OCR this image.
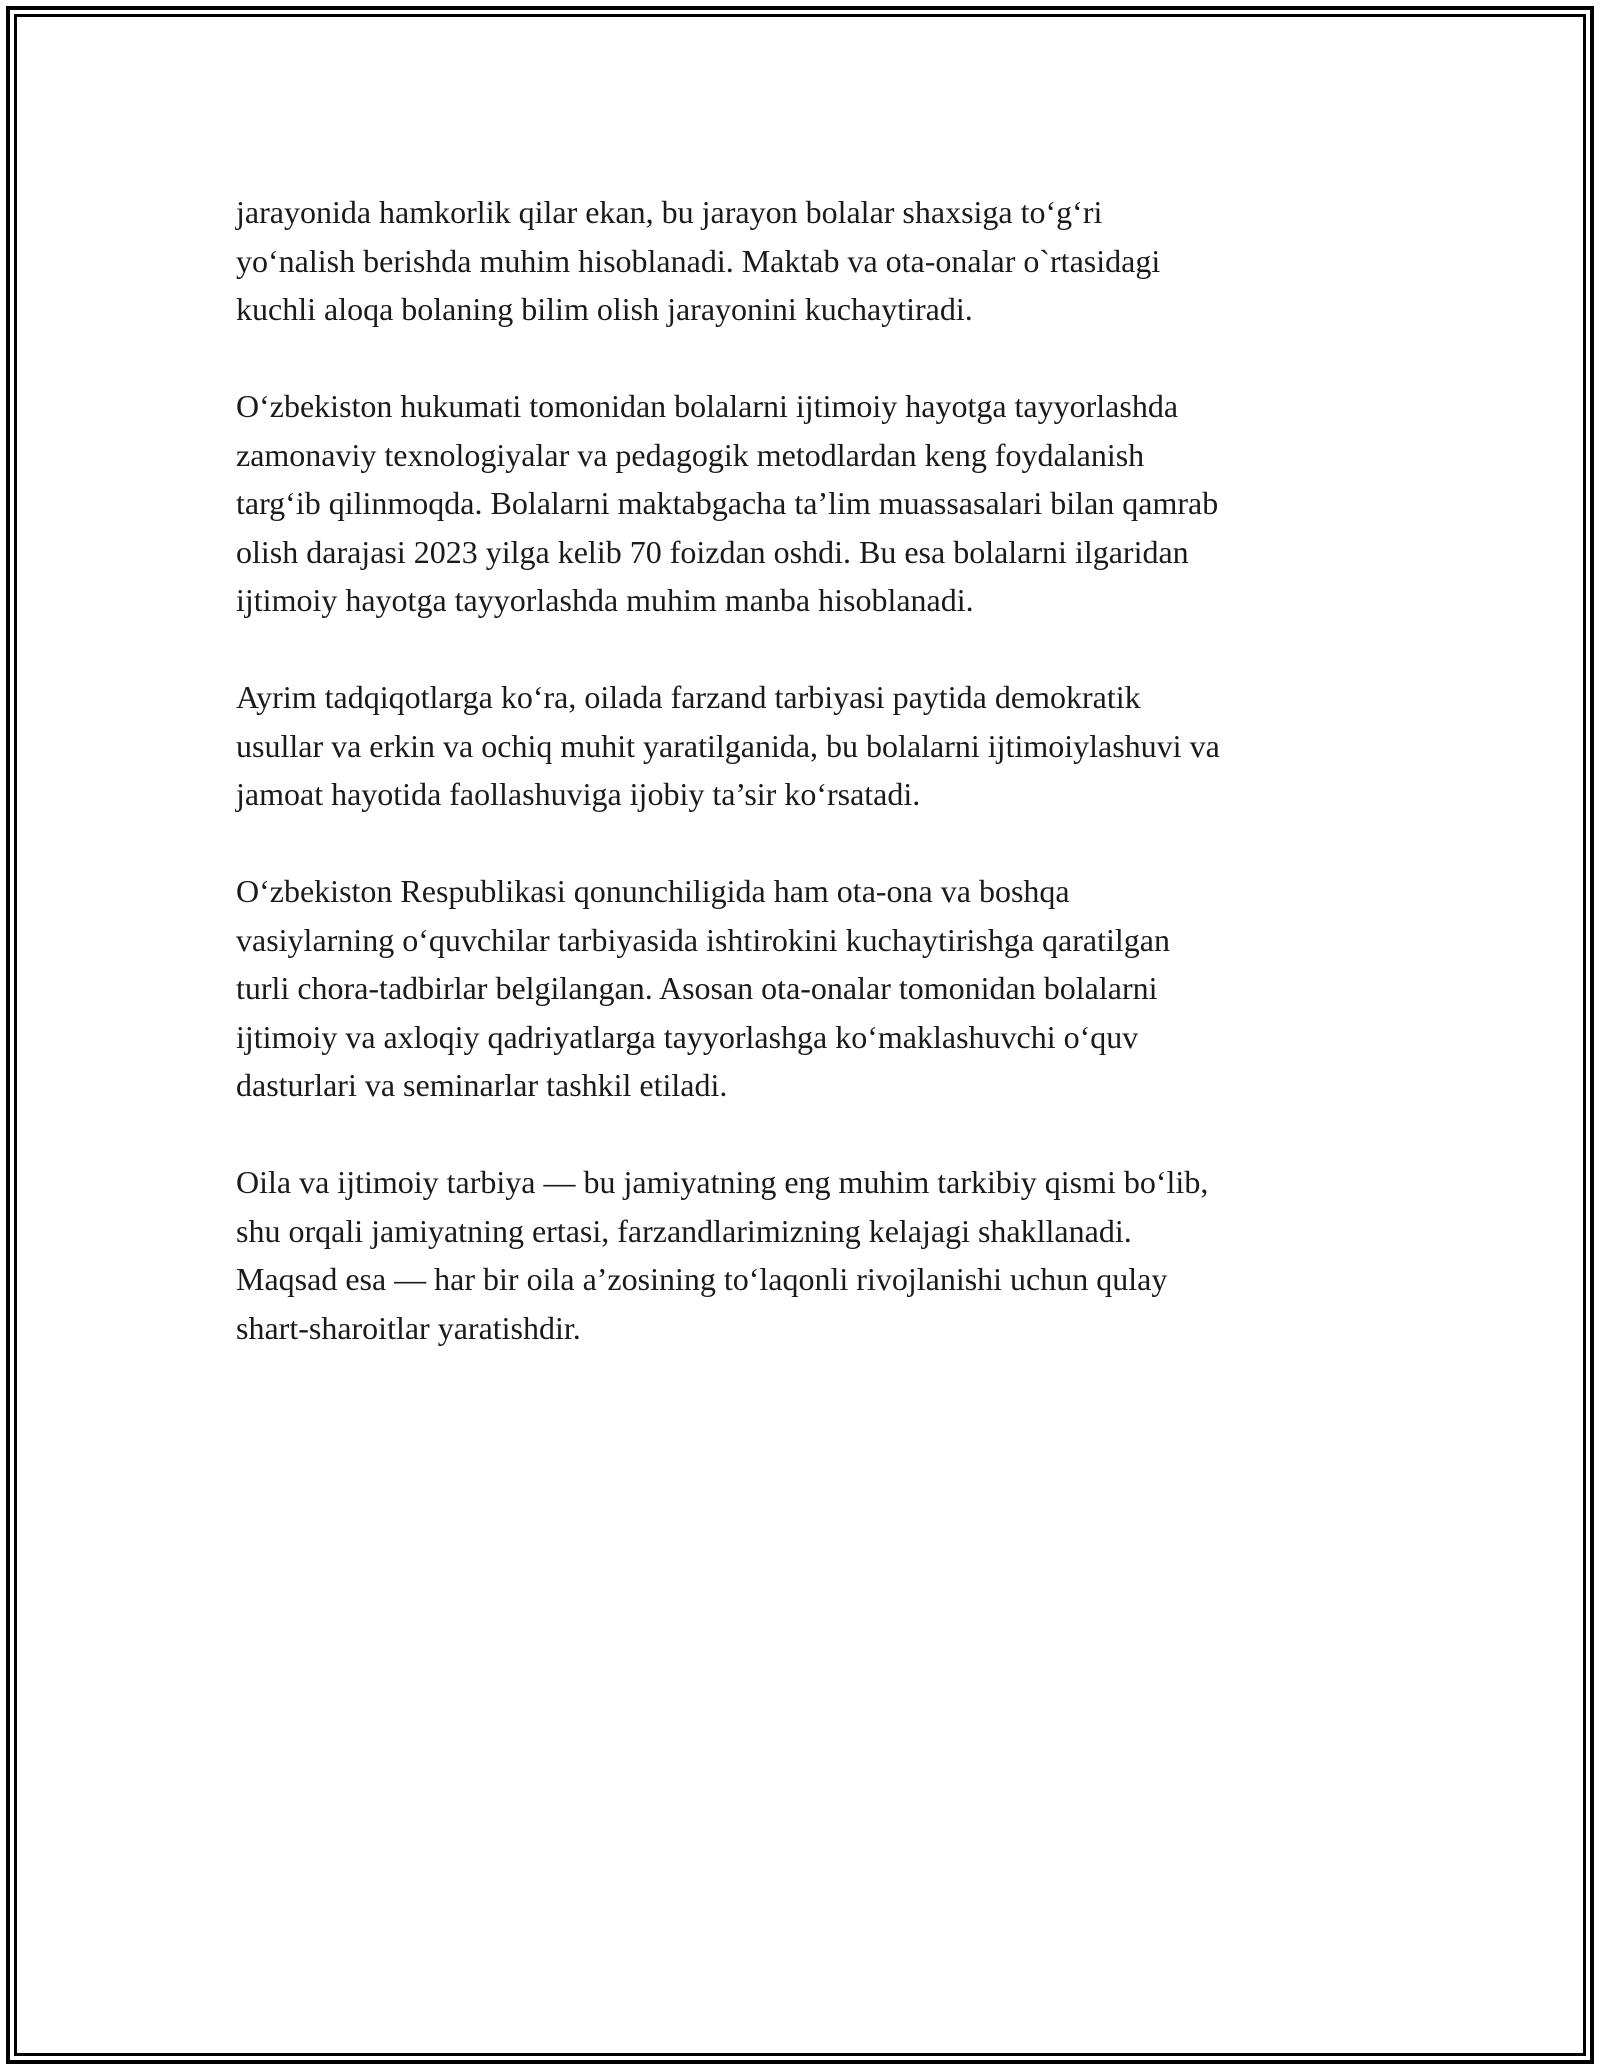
jarayonida hamkorlik qilar ekan, bu jarayon bolalar shaxsiga to‘g‘ri
yo‘nalish berishda muhim hisoblanadi. Maktab va ota-onalar o`rtasidagi
kuchli aloqa bolaning bilim olish jarayonini kuchaytiradi.

O‘zbekiston hukumati tomonidan bolalarni ijtimoiy hayotga tayyorlashda
zamonaviy texnologiyalar va pedagogik metodlardan keng foydalanish
targ‘ib qilinmoqda. Bolalarni maktabgacha ta’lim muassasalari bilan qamrab
olish darajasi 2023 yilga kelib 70 foizdan oshdi. Bu esa bolalarni ilgaridan
ijtimoiy hayotga tayyorlashda muhim manba hisoblanadi.

Ayrim tadqiqotlarga ko‘ra, oilada farzand tarbiyasi paytida demokratik
usullar va erkin va ochiq muhit yaratilganida, bu bolalarni ijtimoiylashuvi va
jamoat hayotida faollashuviga ijobiy ta’sir ko‘rsatadi.

O‘zbekiston Respublikasi qonunchiligida ham ota-ona va boshqa
vasiylarning o‘quvchilar tarbiyasida ishtirokini kuchaytirishga qaratilgan
turli chora-tadbirlar belgilangan. Asosan ota-onalar tomonidan bolalarni
ijtimoiy va axloqiy qadriyatlarga tayyorlashga ko‘maklashuvchi o‘quv
dasturlari va seminarlar tashkil etiladi.

Oila va ijtimoiy tarbiya — bu jamiyatning eng muhim tarkibiy qismi bo‘lib,
shu orqali jamiyatning ertasi, farzandlarimizning kelajagi shakllanadi.
Maqsad esa — har bir oila a’zosining to‘laqonli rivojlanishi uchun qulay
shart-sharoitlar yaratishdir.
